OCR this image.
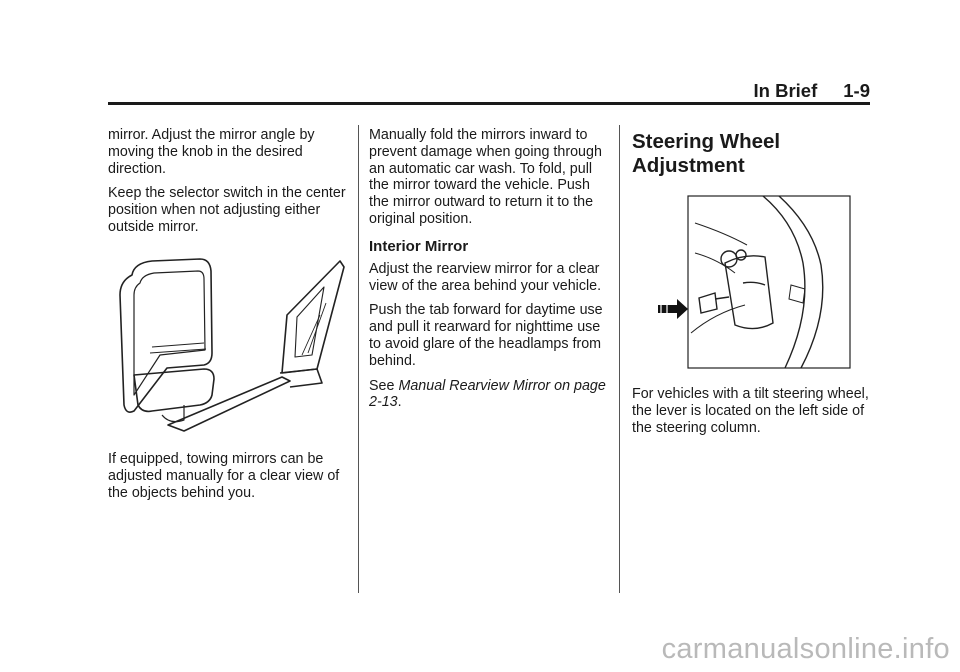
In Brief 1-9

mirror. Adjust the mirror angle by moving the knob in the desired direction.

Keep the selector switch in the center position when not adjusting either outside mirror.

If equipped, towing mirrors can be adjusted manually for a clear view of the objects behind you.

Manually fold the mirrors inward to prevent damage when going through an automatic car wash. To fold, pull the mirror toward the vehicle. Push the mirror outward to return it to the original position.

Interior Mirror

Adjust the rearview mirror for a clear view of the area behind your vehicle.

Push the tab forward for daytime use and pull it rearward for nighttime use to avoid glare of the headlamps from behind.

See Manual Rearview Mirror on page 2-13.

Steering Wheel Adjustment

For vehicles with a tilt steering wheel, the lever is located on the left side of the steering column.

carmanualsonline.info
